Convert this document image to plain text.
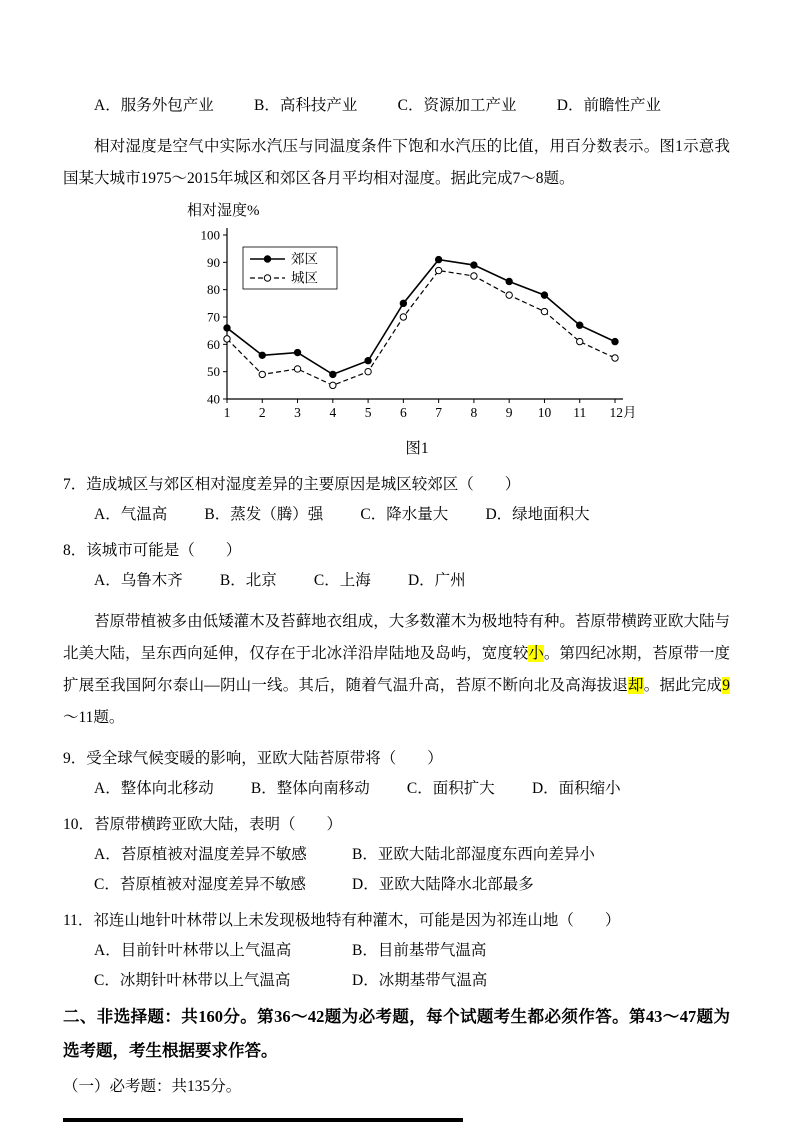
A．服务外包产业	B．高科技产业	C．资源加工产业	D．前瞻性产业

相对湿度是空气中实际水汽压与同温度条件下饱和水汽压的比值，用百分数表示。图1示意我国某大城市1975～2015年城区和郊区各月平均相对湿度。据此完成7～8题。

相对湿度%
40
50
60
70
80
90
100
1 2 3 4 5 6 7 8 9 10 11 12月
郊区
城区
图1
7．造成城区与郊区相对湿度差异的主要原因是城区较郊区（　　）
A．气温高 B．蒸发（腾）强 C．降水量大 D．绿地面积大
8．该城市可能是（　　）
A．乌鲁木齐 B．北京 C．上海 D．广州

苔原带植被多由低矮灌木及苔藓地衣组成，大多数灌木为极地特有种。苔原带横跨亚欧大陆与北美大陆，呈东西向延伸，仅存在于北冰洋沿岸陆地及岛屿，宽度较小。第四纪冰期，苔原带一度扩展至我国阿尔泰山—阴山一线。其后，随着气温升高，苔原不断向北及高海拔退却。据此完成9～11题。

9．受全球气候变暖的影响，亚欧大陆苔原带将（　　）
A．整体向北移动 B．整体向南移动 C．面积扩大 D．面积缩小
10．苔原带横跨亚欧大陆，表明（　　）
A．苔原植被对温度差异不敏感	B．亚欧大陆北部湿度东西向差异小
C．苔原植被对湿度差异不敏感	D．亚欧大陆降水北部最多
11．祁连山地针叶林带以上未发现极地特有种灌木，可能是因为祁连山地（　　）
A．目前针叶林带以上气温高	B．目前基带气温高
C．冰期针叶林带以上气温高	D．冰期基带气温高
二、非选择题：共160分。第36～42题为必考题，每个试题考生都必须作答。第43～47题为选考题，考生根据要求作答。
（一）必考题：共135分。
